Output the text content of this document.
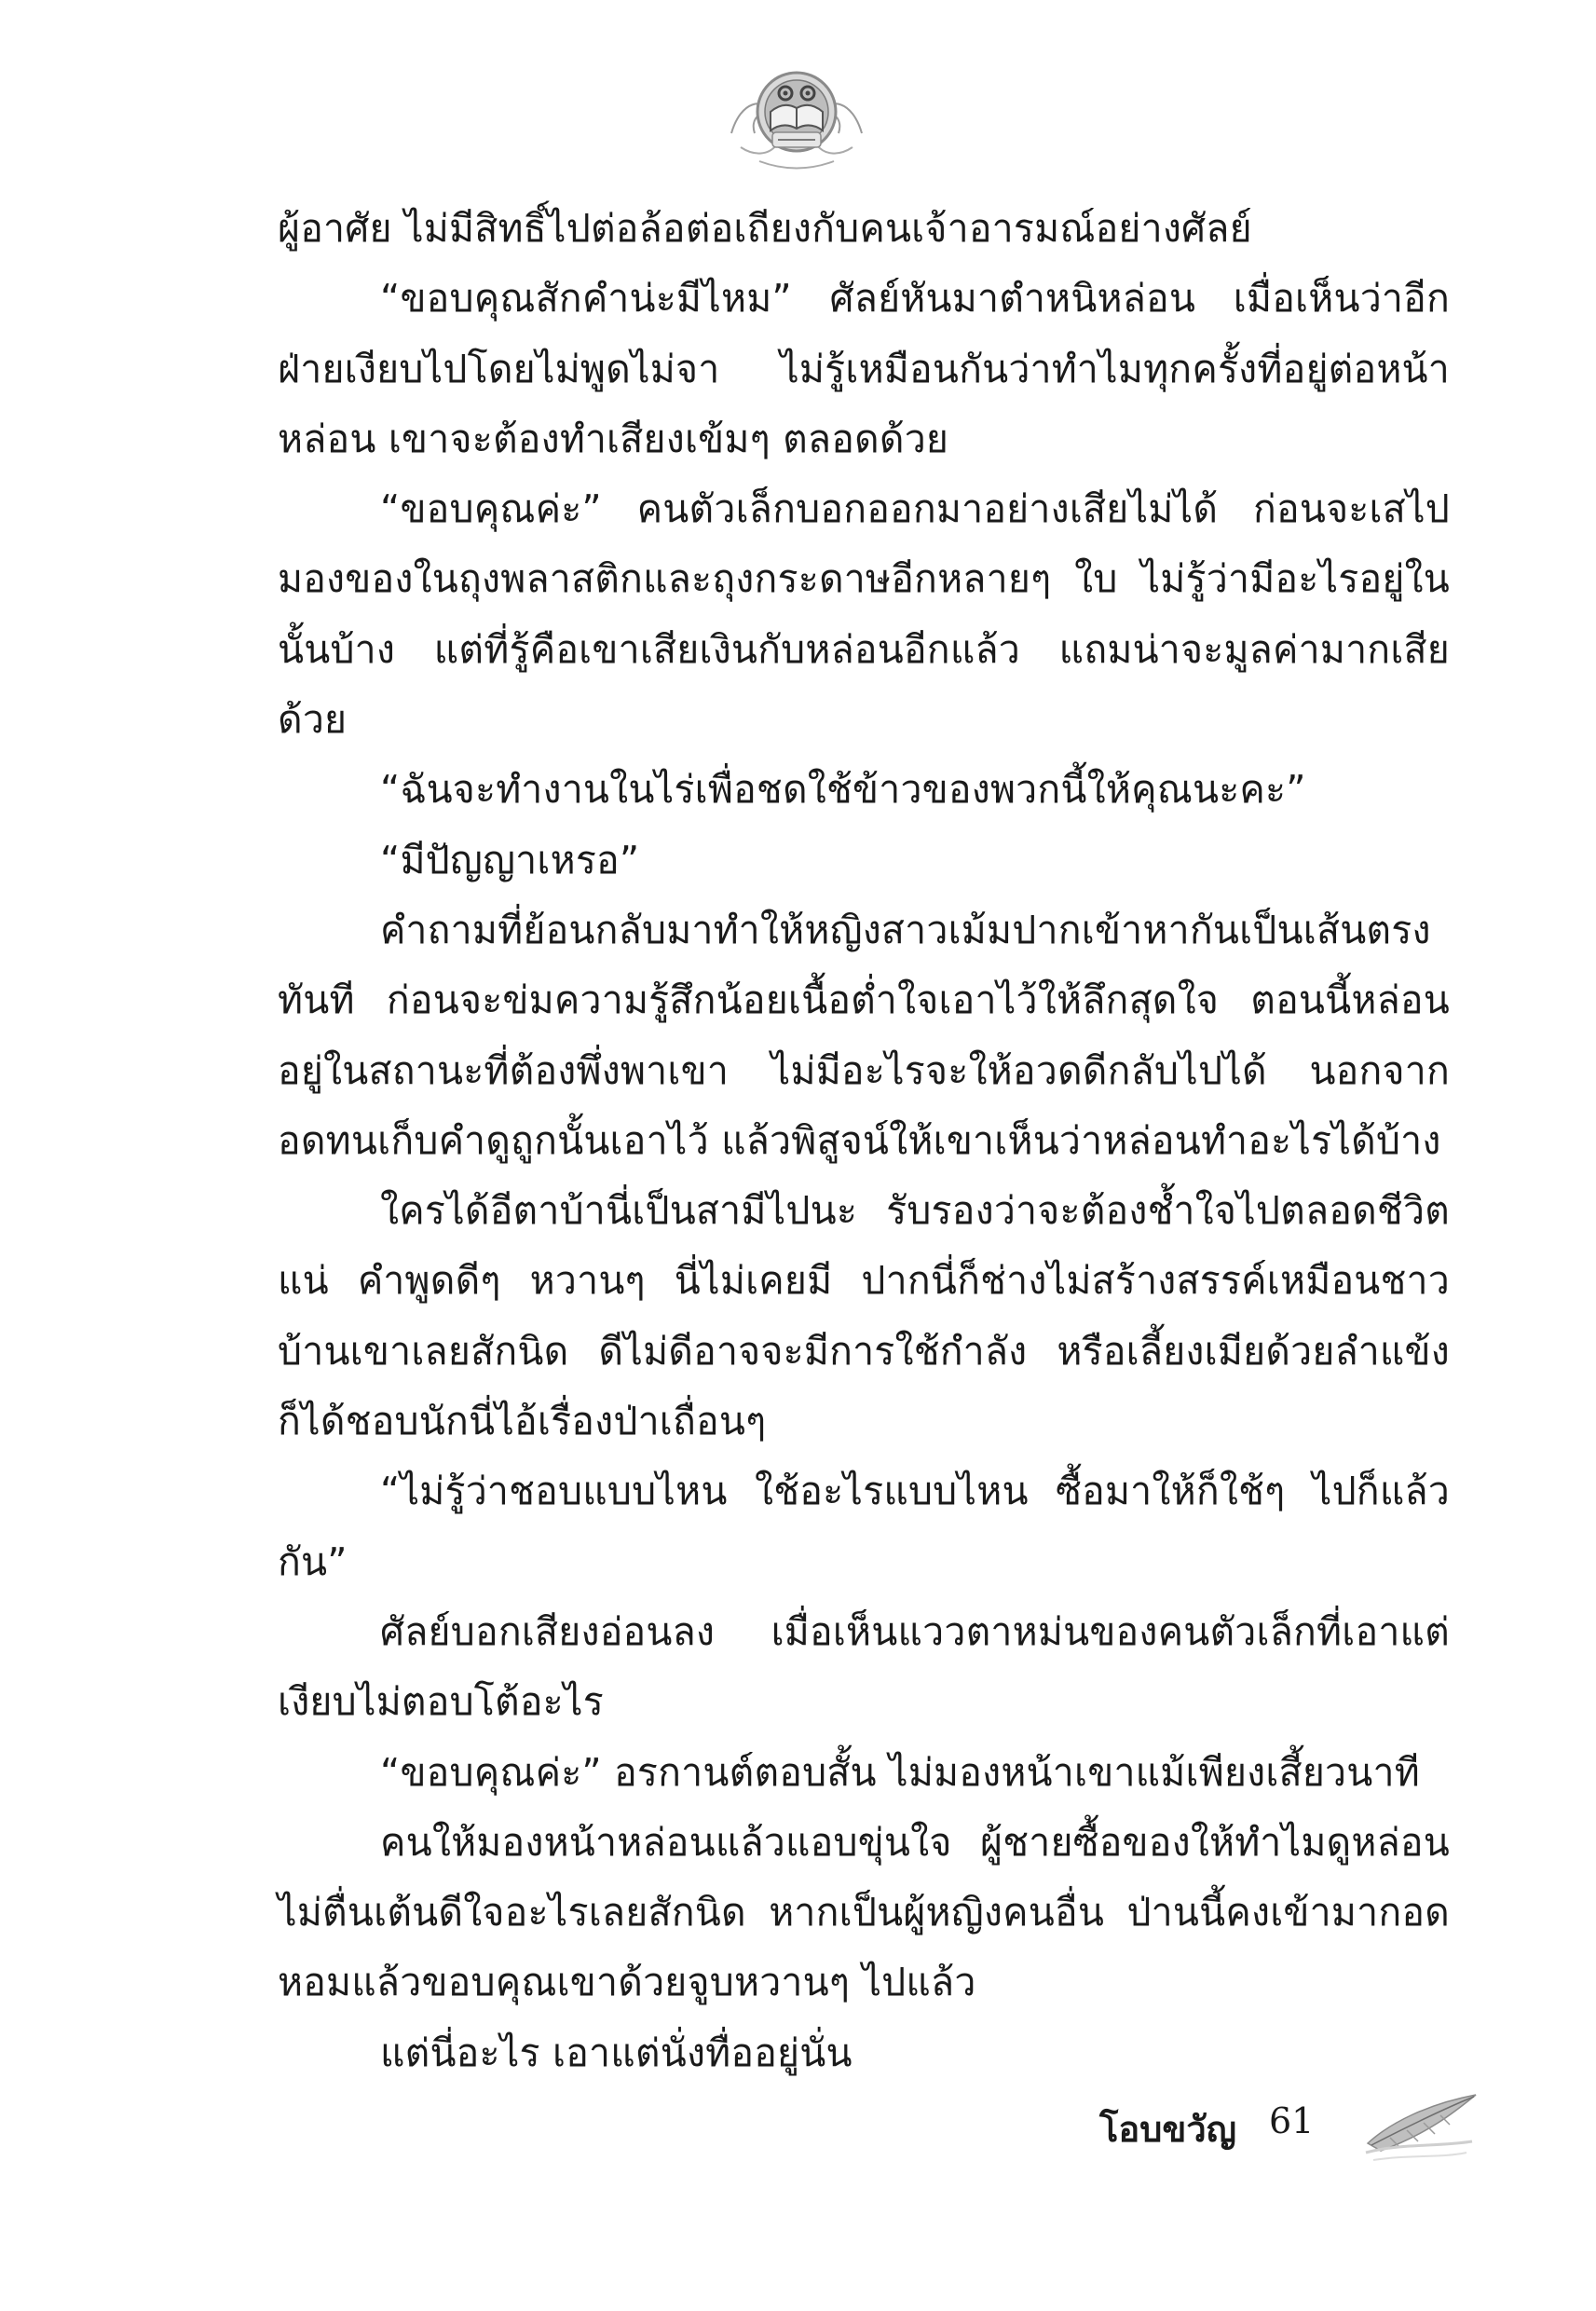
ผู้อาศัย ไม่มีสิทธิ์ไปต่อล้อต่อเถียงกับคนเจ้าอารมณ์อย่างศัลย์

“ขอบคุณสักคำน่ะมีไหม” ศัลย์หันมาตำหนิหล่อน เมื่อเห็นว่าอีกฝ่ายเงียบไปโดยไม่พูดไม่จา ไม่รู้เหมือนกันว่าทำไมทุกครั้งที่อยู่ต่อหน้าหล่อน เขาจะต้องทำเสียงเข้มๆ ตลอดด้วย

“ขอบคุณค่ะ” คนตัวเล็กบอกออกมาอย่างเสียไม่ได้ ก่อนจะเสไปมองของในถุงพลาสติกและถุงกระดาษอีกหลายๆ ใบ ไม่รู้ว่ามีอะไรอยู่ในนั้นบ้าง แต่ที่รู้คือเขาเสียเงินกับหล่อนอีกแล้ว แถมน่าจะมูลค่ามากเสียด้วย

“ฉันจะทำงานในไร่เพื่อชดใช้ข้าวของพวกนี้ให้คุณนะคะ”

“มีปัญญาเหรอ”

คำถามที่ย้อนกลับมาทำให้หญิงสาวเม้มปากเข้าหากันเป็นเส้นตรงทันที ก่อนจะข่มความรู้สึกน้อยเนื้อต่ำใจเอาไว้ให้ลึกสุดใจ ตอนนี้หล่อนอยู่ในสถานะที่ต้องพึ่งพาเขา ไม่มีอะไรจะให้อวดดีกลับไปได้ นอกจากอดทนเก็บคำดูถูกนั้นเอาไว้ แล้วพิสูจน์ให้เขาเห็นว่าหล่อนทำอะไรได้บ้าง

ใครได้อีตาบ้านี่เป็นสามีไปนะ รับรองว่าจะต้องช้ำใจไปตลอดชีวิตแน่ คำพูดดีๆ หวานๆ นี่ไม่เคยมี ปากนี่ก็ช่างไม่สร้างสรรค์เหมือนชาวบ้านเขาเลยสักนิด ดีไม่ดีอาจจะมีการใช้กำลัง หรือเลี้ยงเมียด้วยลำแข้งก็ได้ชอบนักนี่ไอ้เรื่องป่าเถื่อนๆ

“ไม่รู้ว่าชอบแบบไหน ใช้อะไรแบบไหน ซื้อมาให้ก็ใช้ๆ ไปก็แล้วกัน”

ศัลย์บอกเสียงอ่อนลง เมื่อเห็นแววตาหม่นของคนตัวเล็กที่เอาแต่เงียบไม่ตอบโต้อะไร

“ขอบคุณค่ะ” อรกานต์ตอบสั้น ไม่มองหน้าเขาแม้เพียงเสี้ยวนาที

คนให้มองหน้าหล่อนแล้วแอบขุ่นใจ ผู้ชายซื้อของให้ทำไมดูหล่อนไม่ตื่นเต้นดีใจอะไรเลยสักนิด หากเป็นผู้หญิงคนอื่น ป่านนี้คงเข้ามากอดหอมแล้วขอบคุณเขาด้วยจูบหวานๆ ไปแล้ว

แต่นี่อะไร เอาแต่นั่งทื่ออยู่นั่น

โอบขวัญ 61
